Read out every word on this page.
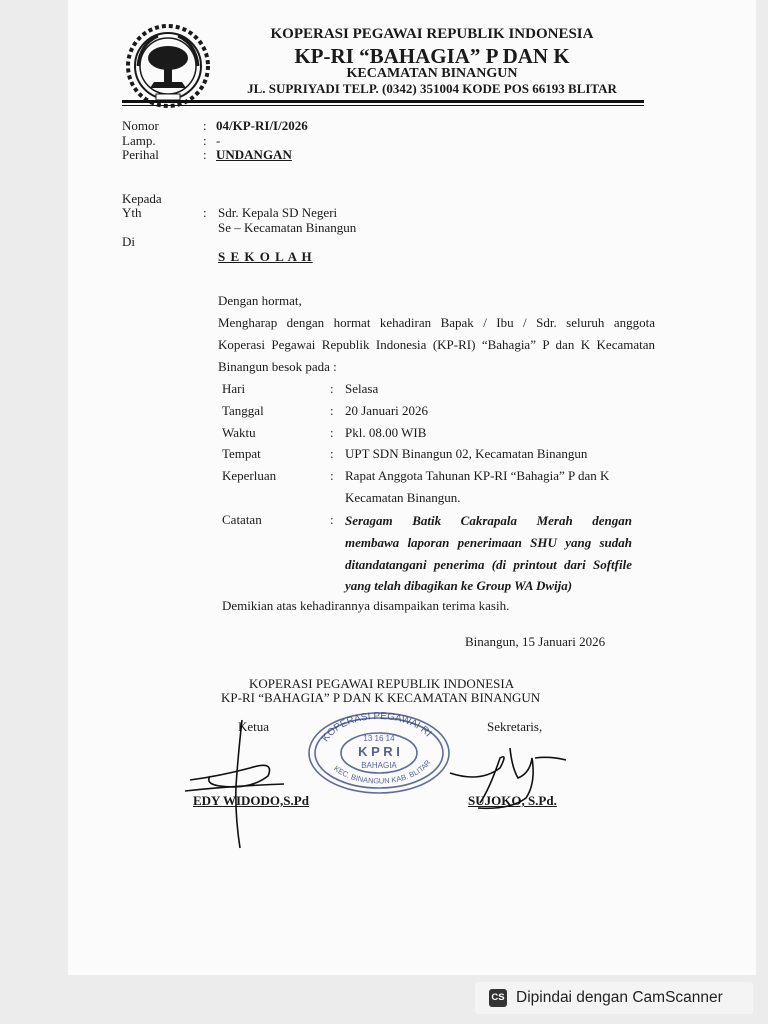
KOPERASI PEGAWAI REPUBLIK INDONESIA
KP-RI “BAHAGIA” P DAN K
KECAMATAN BINANGUN
JL. SUPRIYADI TELP. (0342) 351004 KODE POS 66193 BLITAR
Nomor	: 04/KP-RI/I/2026
Lamp.	: -
Perihal	: UNDANGAN
Kepada
Yth	: Sdr. Kepala SD Negeri
Se – Kecamatan Binangun
Di
S E K O L A H
Dengan hormat,
Mengharap dengan hormat kehadiran Bapak / Ibu / Sdr. seluruh anggota
Koperasi Pegawai Republik Indonesia (KP-RI) “Bahagia” P dan K Kecamatan
Binangun besok pada :
Hari	: Selasa
Tanggal	: 20 Januari 2026
Waktu	: Pkl. 08.00 WIB
Tempat	: UPT SDN Binangun 02, Kecamatan Binangun
Keperluan	: Rapat Anggota Tahunan KP-RI “Bahagia” P dan K
Kecamatan Binangun.
Catatan	: Seragam Batik Cakrapala Merah dengan
membawa laporan penerimaan SHU yang sudah
ditandatangani penerima (di printout dari Softfile
yang telah dibagikan ke Group WA Dwija)
Demikian atas kehadirannya disampaikan terima kasih.
Binangun, 15 Januari 2026
KOPERASI PEGAWAI REPUBLIK INDONESIA
KP-RI “BAHAGIA” P DAN K KECAMATAN BINANGUN
Ketua	Sekretaris,
EDY WIDODO,S.Pd	SUJOKO, S.Pd.
KOPERASI PEGAWAI RI
KEC. BINANGUN KAB. BLITAR
13 16 14
K P R I
BAHAGIA
CS Dipindai dengan CamScanner
